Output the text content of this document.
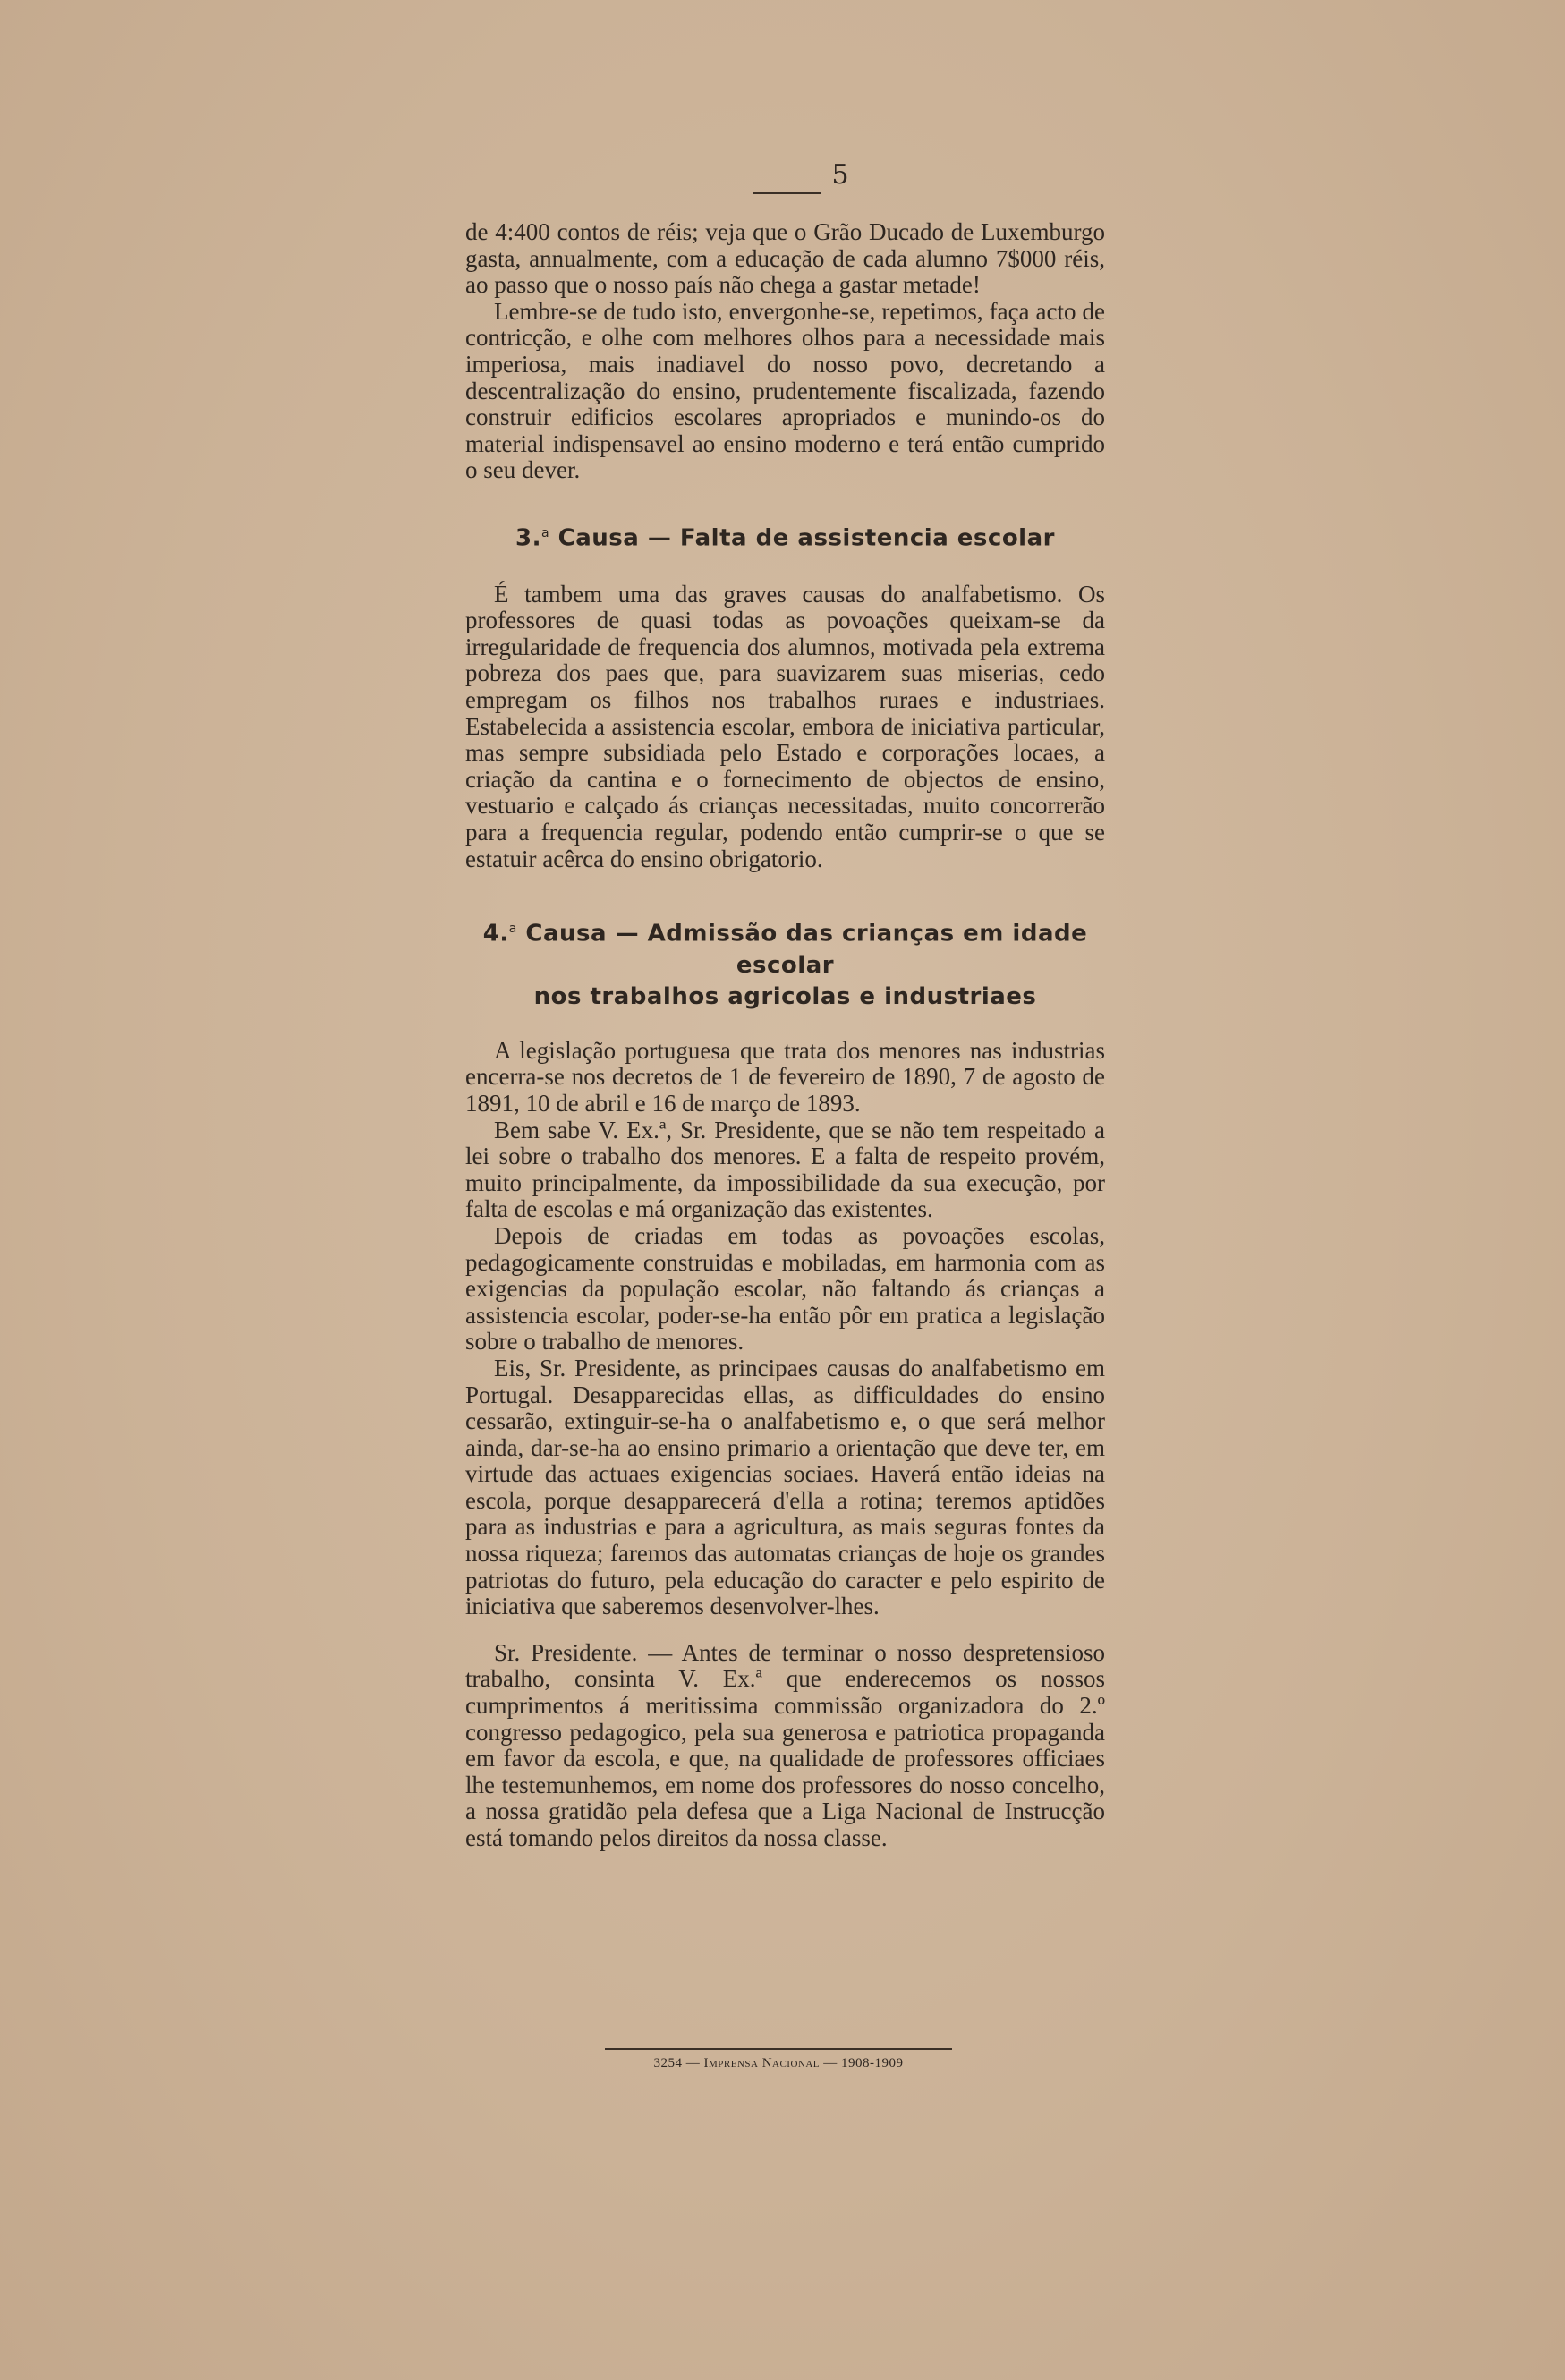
5

de 4:400 contos de réis; veja que o Grão Ducado de Luxemburgo gasta, annualmente, com a educação de cada alumno 7$000 réis, ao passo que o nosso país não chega a gastar metade!

Lembre-se de tudo isto, envergonhe-se, repetimos, faça acto de contricção, e olhe com melhores olhos para a necessidade mais imperiosa, mais inadiavel do nosso povo, decretando a descentralização do ensino, prudentemente fiscalizada, fazendo construir edificios escolares apropriados e munindo-os do material indispensavel ao ensino moderno e terá então cumprido o seu dever.

3.$^a$ Causa — Falta de assistencia escolar

É tambem uma das graves causas do analfabetismo. Os professores de quasi todas as povoações queixam-se da irregularidade de frequencia dos alumnos, motivada pela extrema pobreza dos paes que, para suavizarem suas miserias, cedo empregam os filhos nos trabalhos ruraes e industriaes. Estabelecida a assistencia escolar, embora de iniciativa particular, mas sempre subsidiada pelo Estado e corporações locaes, a criação da cantina e o fornecimento de objectos de ensino, vestuario e calçado ás crianças necessitadas, muito concorrerão para a frequencia regular, podendo então cumprir-se o que se estatuir acêrca do ensino obrigatorio.

4.$^a$ Causa — Admissão das crianças em idade escolar
nos trabalhos agricolas e industriaes

A legislação portuguesa que trata dos menores nas industrias encerra-se nos decretos de 1 de fevereiro de 1890, 7 de agosto de 1891, 10 de abril e 16 de março de 1893.

Bem sabe V. Ex.ª, Sr. Presidente, que se não tem respeitado a lei sobre o trabalho dos menores. E a falta de respeito provém, muito principalmente, da impossibilidade da sua execução, por falta de escolas e má organização das existentes.

Depois de criadas em todas as povoações escolas, pedagogicamente construidas e mobiladas, em harmonia com as exigencias da população escolar, não faltando ás crianças a assistencia escolar, poder-se-ha então pôr em pratica a legislação sobre o trabalho de menores.

Eis, Sr. Presidente, as principaes causas do analfabetismo em Portugal. Desapparecidas ellas, as difficuldades do ensino cessarão, extinguir-se-ha o analfabetismo e, o que será melhor ainda, dar-se-ha ao ensino primario a orientação que deve ter, em virtude das actuaes exigencias sociaes. Haverá então ideias na escola, porque desapparecerá d'ella a rotina; teremos aptidões para as industrias e para a agricultura, as mais seguras fontes da nossa riqueza; faremos das automatas crianças de hoje os grandes patriotas do futuro, pela educação do caracter e pelo espirito de iniciativa que saberemos desenvolver-lhes.

Sr. Presidente. — Antes de terminar o nosso despretensioso trabalho, consinta V. Ex.ª que enderecemos os nossos cumprimentos á meritissima commissão organizadora do 2.º congresso pedagogico, pela sua generosa e patriotica propaganda em favor da escola, e que, na qualidade de professores officiaes lhe testemunhemos, em nome dos professores do nosso concelho, a nossa gratidão pela defesa que a Liga Nacional de Instrucção está tomando pelos direitos da nossa classe.

3254 — Imprensa Nacional — 1908-1909
